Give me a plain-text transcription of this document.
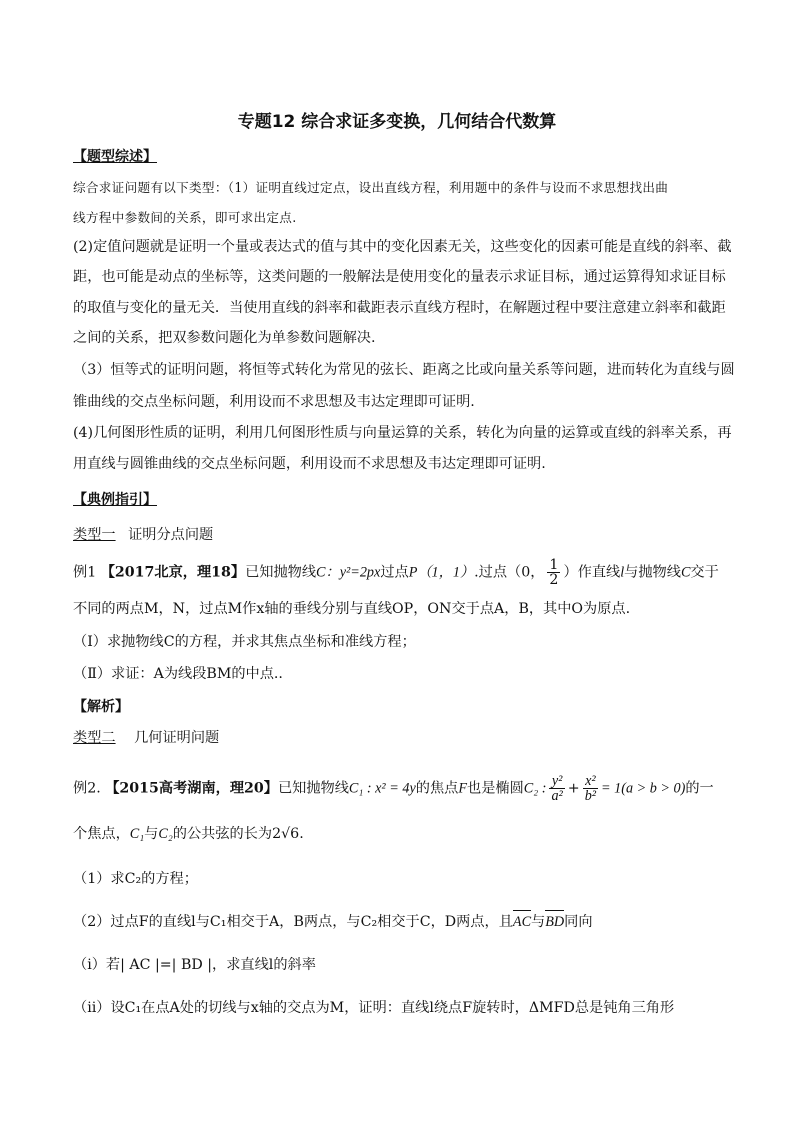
专题12 综合求证多变换，几何结合代数算
【题型综述】
综合求证问题有以下类型：（1）证明直线过定点，设出直线方程，利用题中的条件与设而不求思想找出曲
线方程中参数间的关系，即可求出定点.
(2)定值问题就是证明一个量或表达式的值与其中的变化因素无关，这些变化的因素可能是直线的斜率、截
距，也可能是动点的坐标等，这类问题的一般解法是使用变化的量表示求证目标，通过运算得知求证目标
的取值与变化的量无关．当使用直线的斜率和截距表示直线方程时，在解题过程中要注意建立斜率和截距
之间的关系，把双参数问题化为单参数问题解决.
（3）恒等式的证明问题，将恒等式转化为常见的弦长、距离之比或向量关系等问题，进而转化为直线与圆
锥曲线的交点坐标问题，利用设而不求思想及韦达定理即可证明.
(4)几何图形性质的证明，利用几何图形性质与向量运算的关系，转化为向量的运算或直线的斜率关系，再
用直线与圆锥曲线的交点坐标问题，利用设而不求思想及韦达定理即可证明.
【典例指引】
类型一 证明分点问题
例1 【2017北京，理18】已知抛物线C：y²=2px过点P（1，1）.过点（0， $\frac{1}{2}$ ）作直线l与抛物线C交于
不同的两点M，N，过点M作x轴的垂线分别与直线OP，ON交于点A，B，其中O为原点.
（Ⅰ）求抛物线C的方程，并求其焦点坐标和准线方程；
（Ⅱ）求证：A为线段BM的中点..
【解析】
类型二 几何证明问题
例2. 【2015高考湖南，理20】已知抛物线C₁ : x² = 4y的焦点F也是椭圆C₂ : $\frac{\text{y²}}{\text{a²}} + \frac{\text{x²}}{\text{b²}} = 1(a > b > 0)$的一
个焦点，C₁与C₂的公共弦的长为2√6.
（1）求C₂的方程；
（2）过点F的直线l与C₁相交于A，B两点，与C₂相交于C，D两点，且AC与BD同向
（ⅰ）若| AC |=| BD |，求直线l的斜率
（ⅱ）设C₁在点A处的切线与x轴的交点为M，证明：直线l绕点F旋转时，ΔMFD总是钝角三角形
